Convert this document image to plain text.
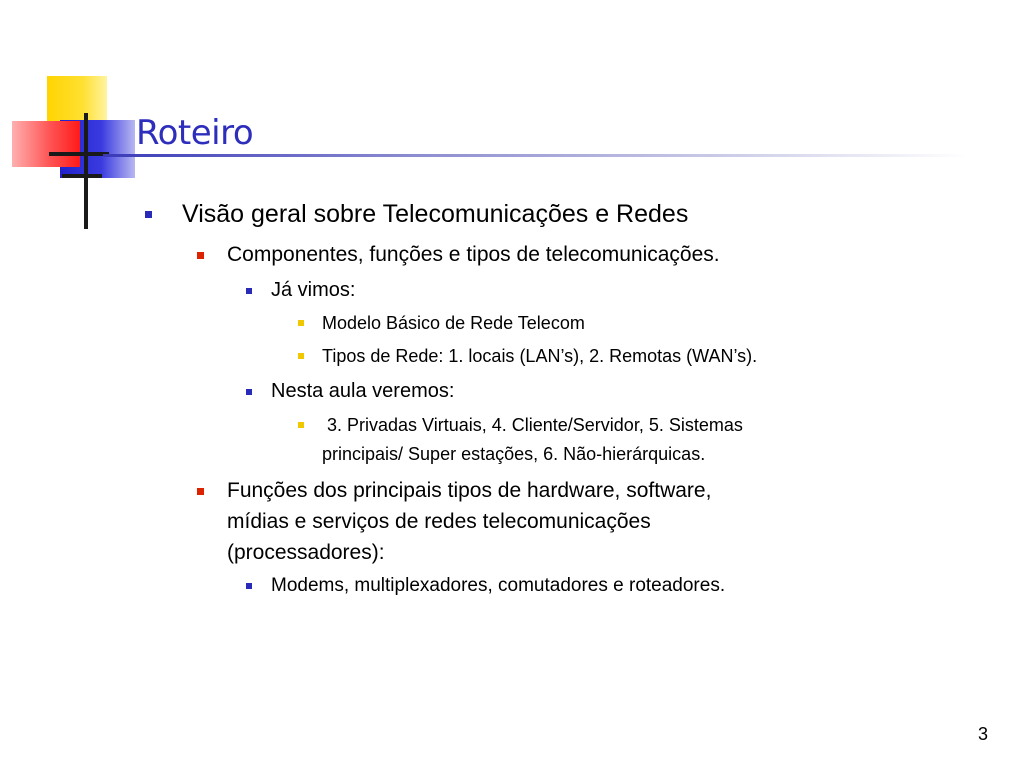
Roteiro
Visão geral sobre Telecomunicações e Redes
Componentes, funções e tipos de telecomunicações.
Já vimos:
Modelo Básico de Rede Telecom
Tipos de Rede: 1. locais (LAN’s), 2. Remotas (WAN’s).
Nesta aula veremos:
3. Privadas Virtuais, 4. Cliente/Servidor, 5. Sistemas
principais/ Super estações, 6. Não-hierárquicas.
Funções dos principais tipos de hardware, software,
mídias e serviços de redes telecomunicações
(processadores):
Modems, multiplexadores, comutadores e roteadores.
3
